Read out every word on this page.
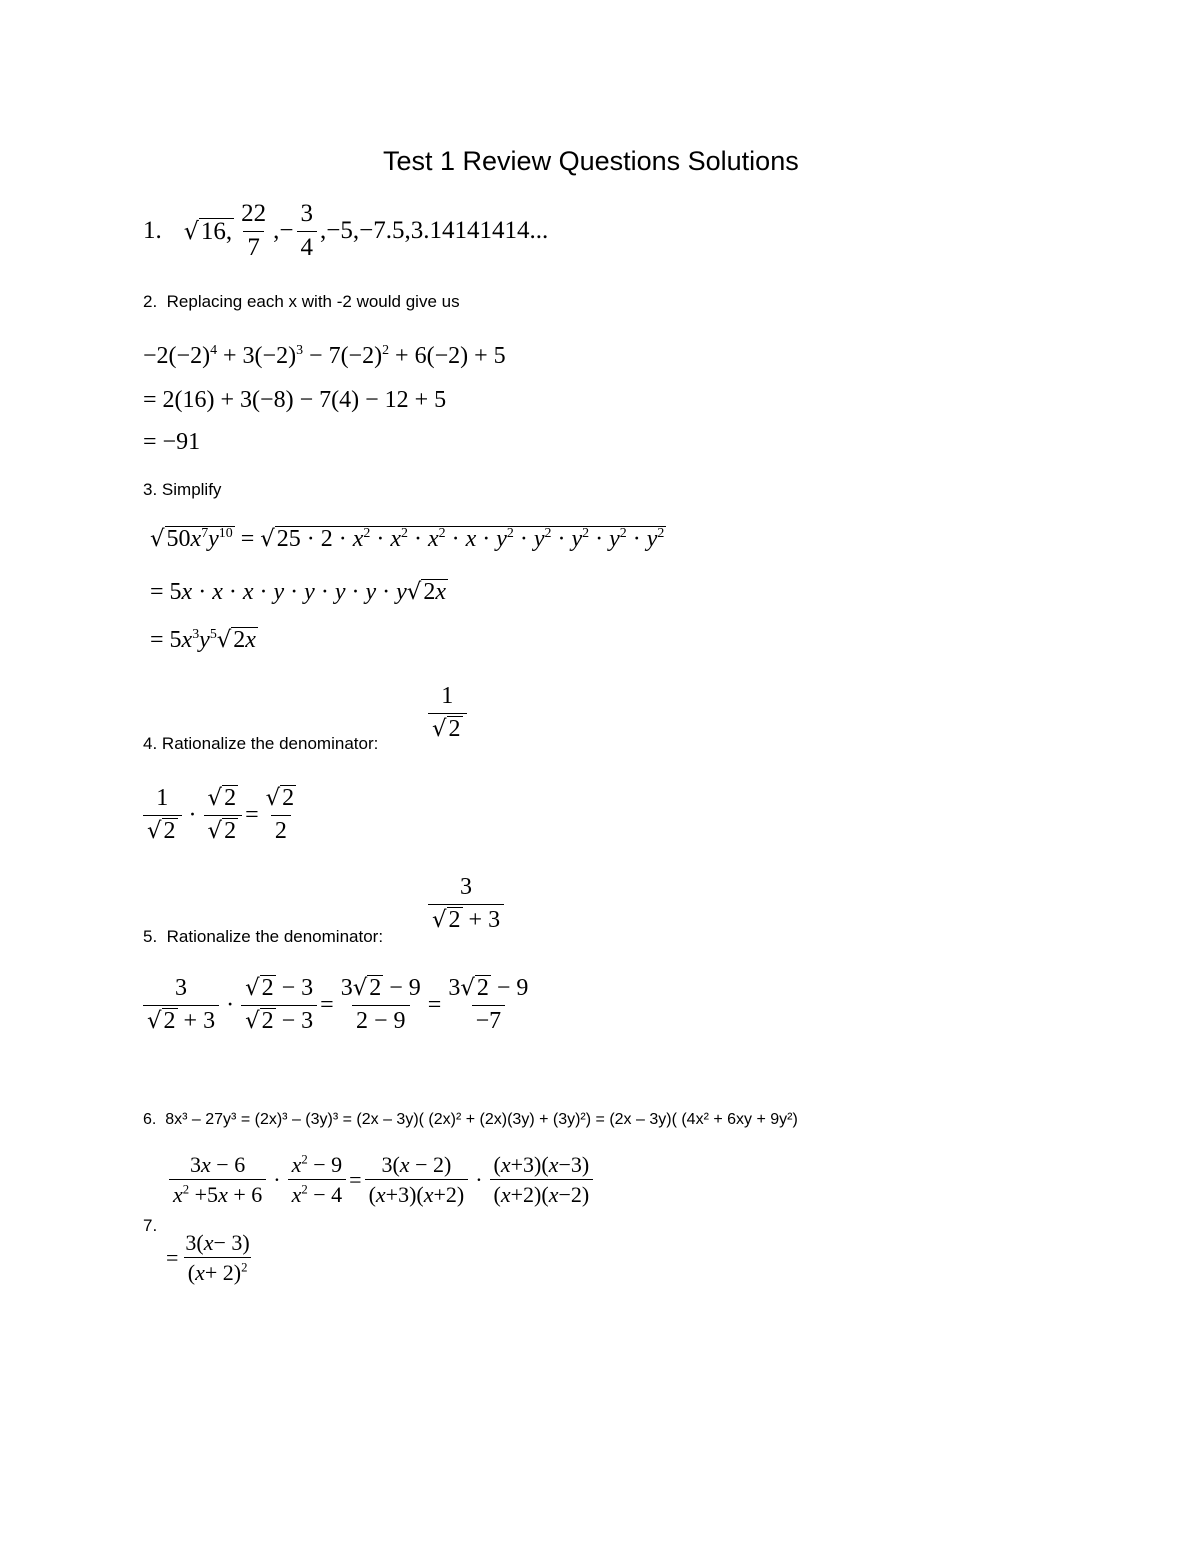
Test 1 Review Questions Solutions
1. √ 16, $\frac{22}{7}$ ,− $\frac{3}{4} ,-5,-7.5,3.14141414$...
2. Replacing each x with -2 would give us
$-2(-2)^4 + 3(-2)^3 - 7(-2)^2 + 6(-2) + 5$
= 2(16) + 3(−8) − 7(4) − 12 + 5
= −91
3. Simplify
$√50x^7y^{10} = √25 \cdot 2 \cdot x^2 \cdot x^2 \cdot x^2 \cdot x \cdot y^2 \cdot y^2 \cdot y^2 \cdot y^2 \cdot y^2$
= 5x · x · x · y · y · y · y · y√2x
= $5x^3y^5√2x$
4. Rationalize the denominator:
$\frac{1}{√2}$
$\frac{1}{√2} \cdot \frac{√2}{√2} = \frac{√2}{2}$
5. Rationalize the denominator:
$\frac{3}{√2 + 3}$
$\frac{3}{√2 + 3} \cdot \frac{√2 - 3}{√2 - 3} = \frac{3√2 - 9}{2 - 9} = \frac{3√2 - 9}{-7}$
6. 8x³ – 27y³ = (2x)³ – (3y)³ = (2x – 3y)( (2x)² + (2x)(3y) + (3y)²) = (2x – 3y)( (4x² + 6xy + 9y²)
7.
$\frac{3x - 6}{x^2 +5x + 6} \cdot \frac{x^2 - 9}{x^2 - 4} = \frac{3(x - 2)}{(x+3)(x+2)} \cdot \frac{(x+3)(x-3)}{(x+2)(x-2)}$
= $\frac{3(x- 3)}{(x+ 2)^2}$
